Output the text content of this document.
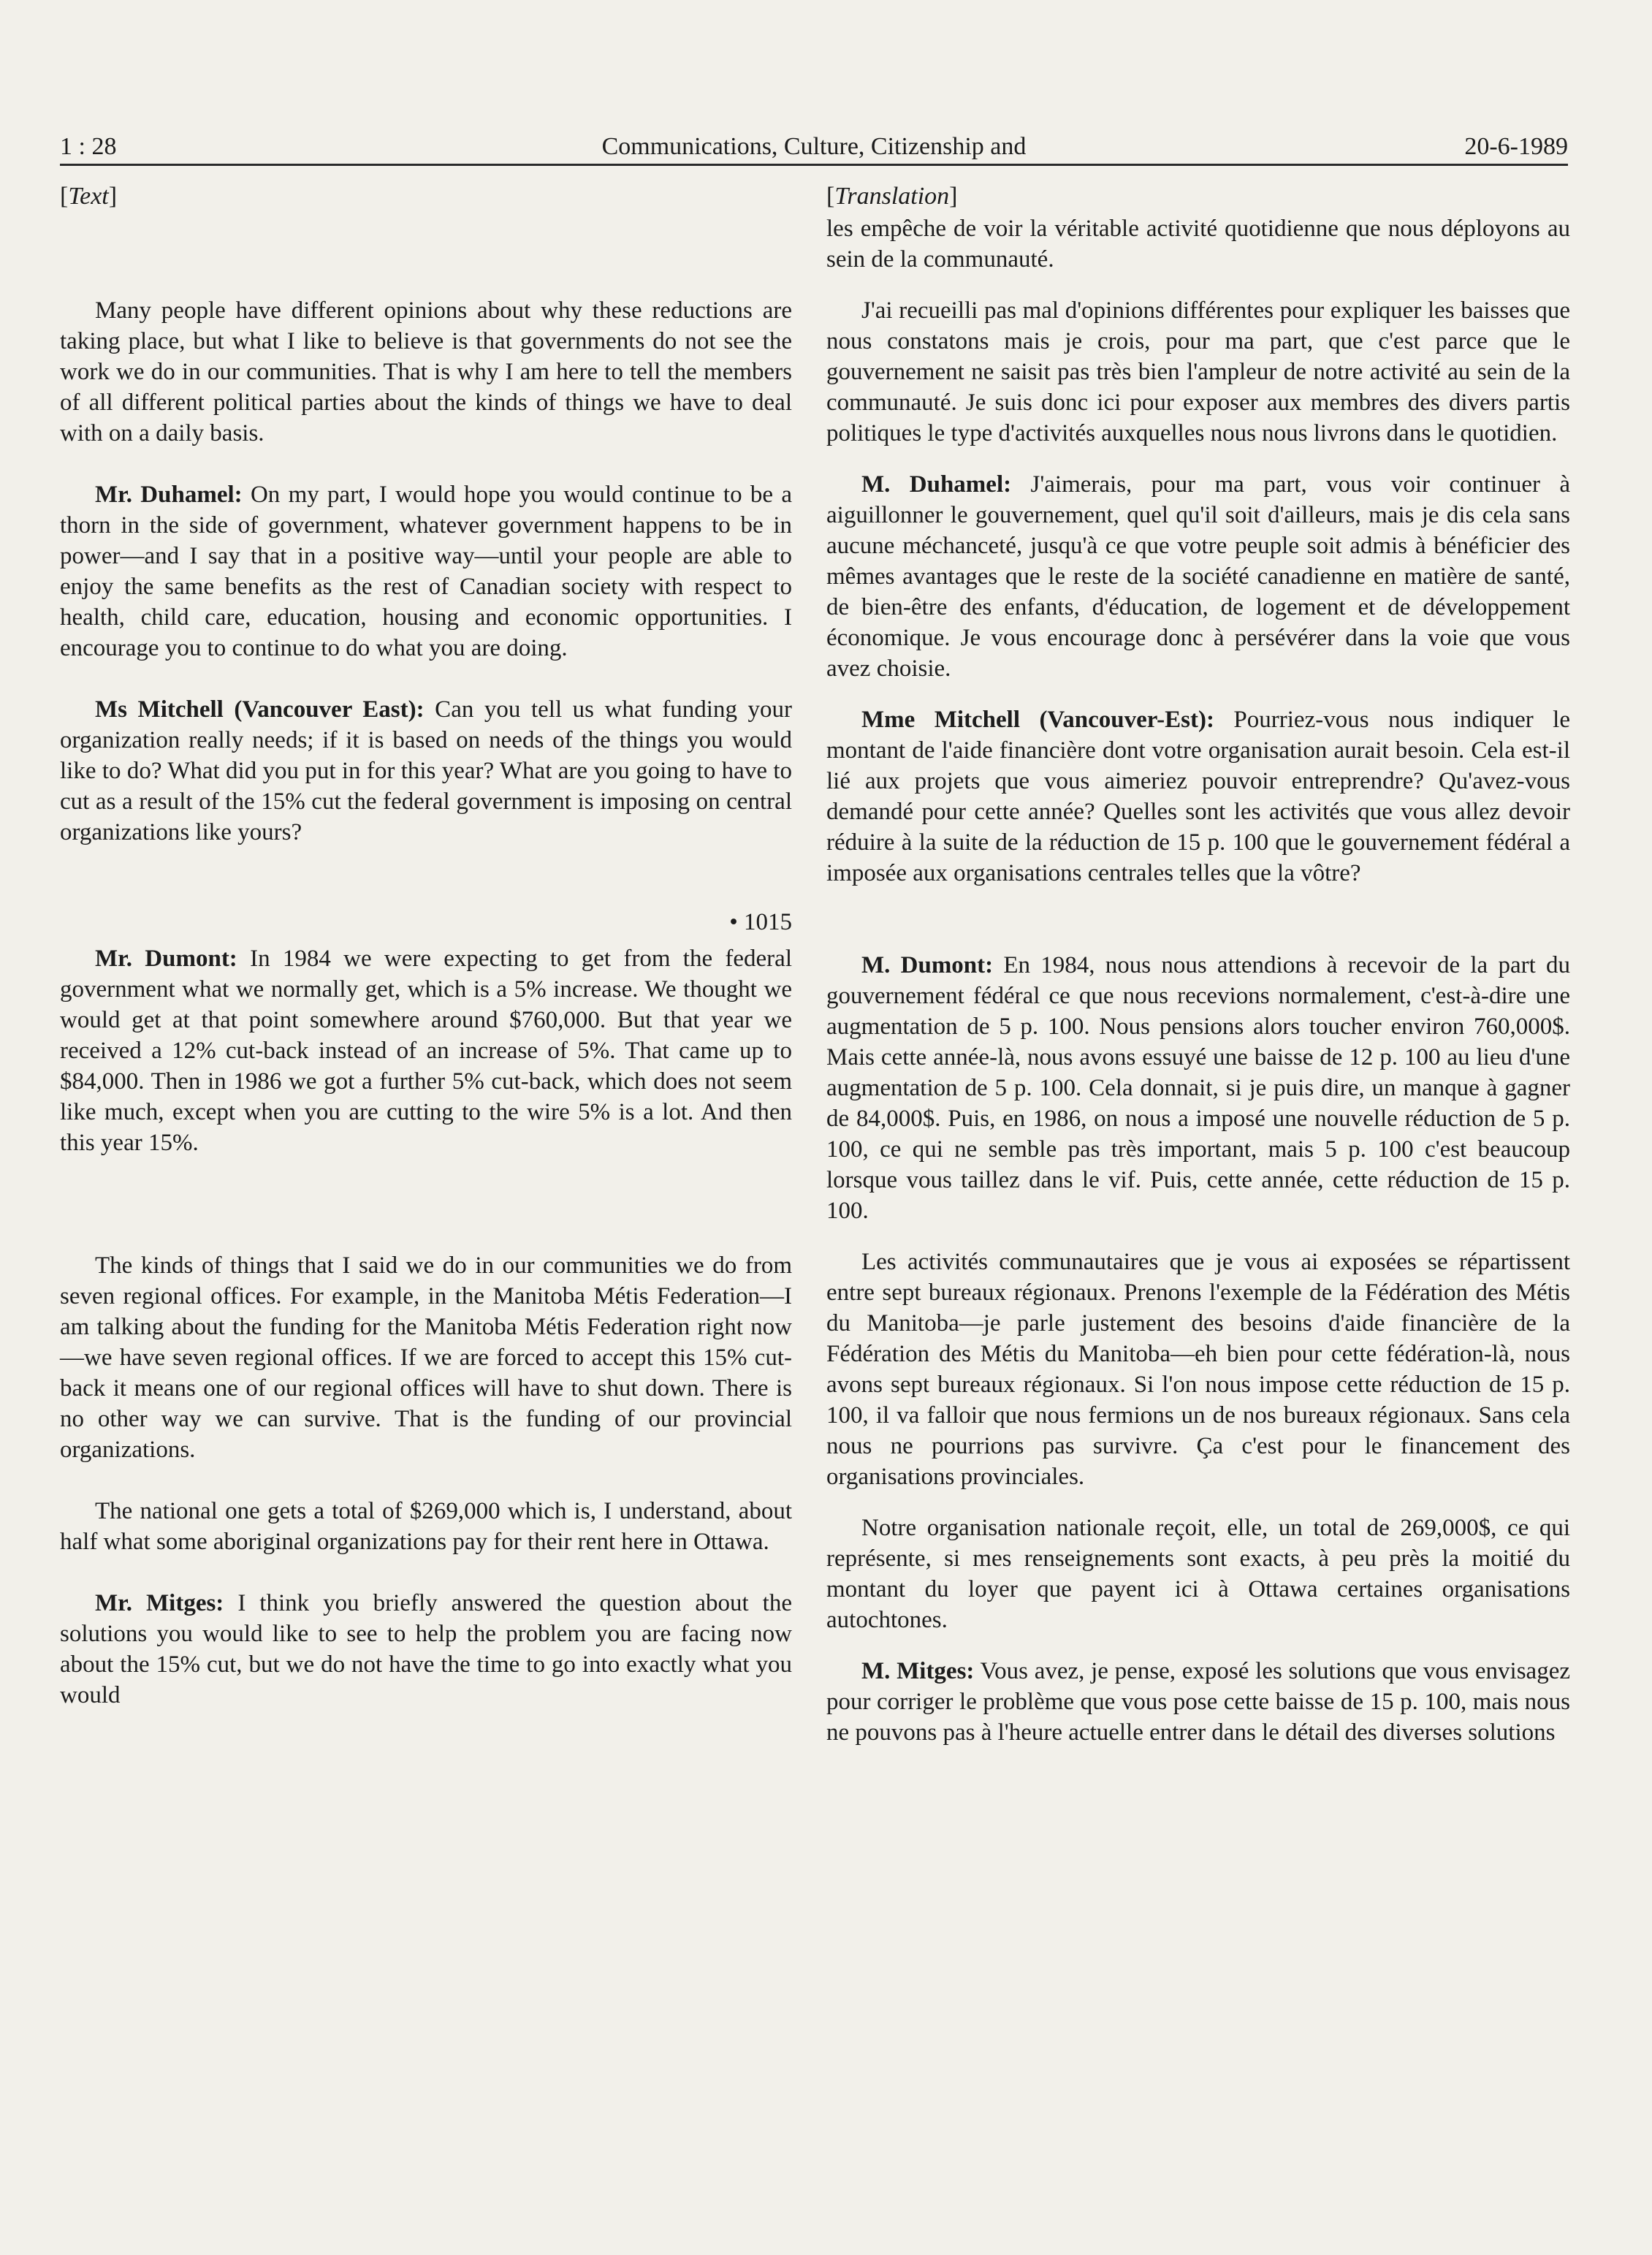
1 : 28	Communications, Culture, Citizenship and	20-6-1989

[ Text ]

Many people have different opinions about why these reductions are taking place, but what I like to believe is that governments do not see the work we do in our communities. That is why I am here to tell the members of all different political parties about the kinds of things we have to deal with on a daily basis.

Mr. Duhamel: On my part, I would hope you would continue to be a thorn in the side of government, whatever government happens to be in power—and I say that in a positive way—until your people are able to enjoy the same benefits as the rest of Canadian society with respect to health, child care, education, housing and economic opportunities. I encourage you to continue to do what you are doing.

Ms Mitchell (Vancouver East): Can you tell us what funding your organization really needs; if it is based on needs of the things you would like to do? What did you put in for this year? What are you going to have to cut as a result of the 15% cut the federal government is imposing on central organizations like yours?

• 1015

Mr. Dumont: In 1984 we were expecting to get from the federal government what we normally get, which is a 5% increase. We thought we would get at that point somewhere around $760,000. But that year we received a 12% cut-back instead of an increase of 5%. That came up to $84,000. Then in 1986 we got a further 5% cut-back, which does not seem like much, except when you are cutting to the wire 5% is a lot. And then this year 15%.

The kinds of things that I said we do in our communities we do from seven regional offices. For example, in the Manitoba Métis Federation—I am talking about the funding for the Manitoba Métis Federation right now—we have seven regional offices. If we are forced to accept this 15% cut-back it means one of our regional offices will have to shut down. There is no other way we can survive. That is the funding of our provincial organizations.

The national one gets a total of $269,000 which is, I understand, about half what some aboriginal organizations pay for their rent here in Ottawa.

Mr. Mitges: I think you briefly answered the question about the solutions you would like to see to help the problem you are facing now about the 15% cut, but we do not have the time to go into exactly what you would

[ Translation ]

les empêche de voir la véritable activité quotidienne que nous déployons au sein de la communauté.

J'ai recueilli pas mal d'opinions différentes pour expliquer les baisses que nous constatons mais je crois, pour ma part, que c'est parce que le gouvernement ne saisit pas très bien l'ampleur de notre activité au sein de la communauté. Je suis donc ici pour exposer aux membres des divers partis politiques le type d'activités auxquelles nous nous livrons dans le quotidien.

M. Duhamel: J'aimerais, pour ma part, vous voir continuer à aiguillonner le gouvernement, quel qu'il soit d'ailleurs, mais je dis cela sans aucune méchanceté, jusqu'à ce que votre peuple soit admis à bénéficier des mêmes avantages que le reste de la société canadienne en matière de santé, de bien-être des enfants, d'éducation, de logement et de développement économique. Je vous encourage donc à persévérer dans la voie que vous avez choisie.

Mme Mitchell (Vancouver-Est): Pourriez-vous nous indiquer le montant de l'aide financière dont votre organisation aurait besoin. Cela est-il lié aux projets que vous aimeriez pouvoir entreprendre? Qu'avez-vous demandé pour cette année? Quelles sont les activités que vous allez devoir réduire à la suite de la réduction de 15 p. 100 que le gouvernement fédéral a imposée aux organisations centrales telles que la vôtre?

M. Dumont: En 1984, nous nous attendions à recevoir de la part du gouvernement fédéral ce que nous recevions normalement, c'est-à-dire une augmentation de 5 p. 100. Nous pensions alors toucher environ 760,000$. Mais cette année-là, nous avons essuyé une baisse de 12 p. 100 au lieu d'une augmentation de 5 p. 100. Cela donnait, si je puis dire, un manque à gagner de 84,000$. Puis, en 1986, on nous a imposé une nouvelle réduction de 5 p. 100, ce qui ne semble pas très important, mais 5 p. 100 c'est beaucoup lorsque vous taillez dans le vif. Puis, cette année, cette réduction de 15 p. 100.

Les activités communautaires que je vous ai exposées se répartissent entre sept bureaux régionaux. Prenons l'exemple de la Fédération des Métis du Manitoba—je parle justement des besoins d'aide financière de la Fédération des Métis du Manitoba—eh bien pour cette fédération-là, nous avons sept bureaux régionaux. Si l'on nous impose cette réduction de 15 p. 100, il va falloir que nous fermions un de nos bureaux régionaux. Sans cela nous ne pourrions pas survivre. Ça c'est pour le financement des organisations provinciales.

Notre organisation nationale reçoit, elle, un total de 269,000$, ce qui représente, si mes renseignements sont exacts, à peu près la moitié du montant du loyer que payent ici à Ottawa certaines organisations autochtones.

M. Mitges: Vous avez, je pense, exposé les solutions que vous envisagez pour corriger le problème que vous pose cette baisse de 15 p. 100, mais nous ne pouvons pas à l'heure actuelle entrer dans le détail des diverses solutions
